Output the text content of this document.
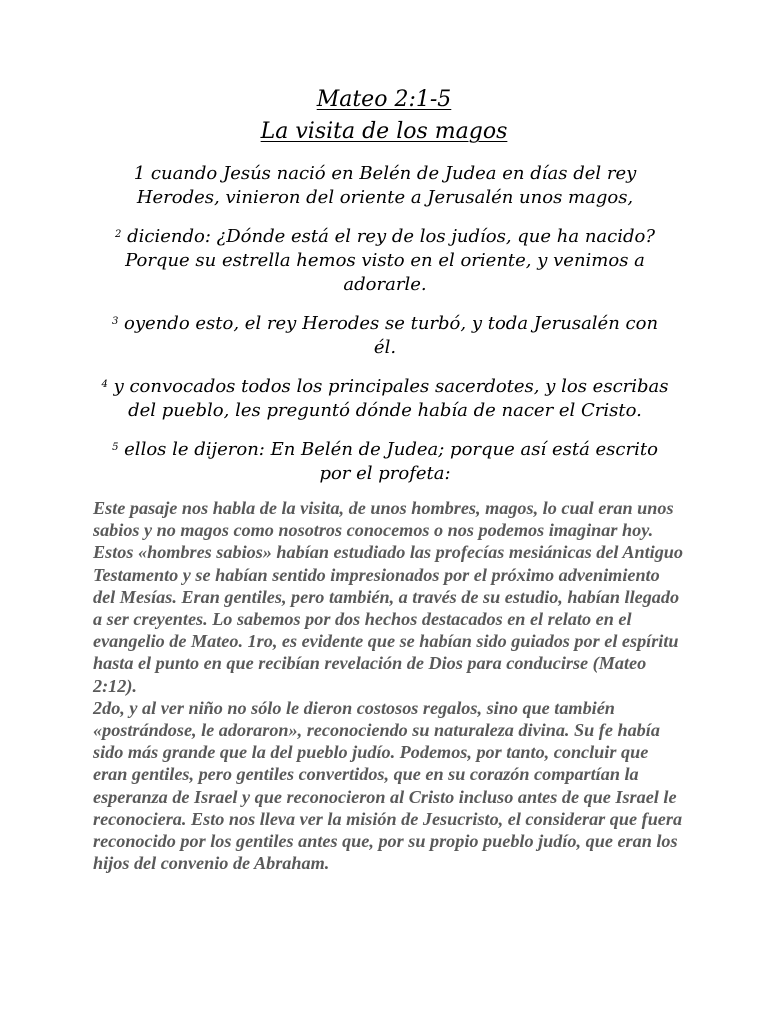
Mateo 2:1-5
La visita de los magos

1 cuando Jesús nació en Belén de Judea en días del rey Herodes, vinieron del oriente a Jerusalén unos magos,

$^2$ diciendo: ¿Dónde está el rey de los judíos, que ha nacido? Porque su estrella hemos visto en el oriente, y venimos a adorarle.

$^3$ oyendo esto, el rey Herodes se turbó, y toda Jerusalén con él.

$^4$ y convocados todos los principales sacerdotes, y los escribas del pueblo, les preguntó dónde había de nacer el Cristo.

$^5$ ellos le dijeron: En Belén de Judea; porque así está escrito por el profeta:

Este pasaje nos habla de la visita, de unos hombres, magos, lo cual eran unos sabios y no magos como nosotros conocemos o nos podemos imaginar hoy.

Estos «hombres sabios» habían estudiado las profecías mesiánicas del Antiguo Testamento y se habían sentido impresionados por el próximo advenimiento del Mesías. Eran gentiles, pero también, a través de su estudio, habían llegado a ser creyentes. Lo sabemos por dos hechos destacados en el relato en el evangelio de Mateo. 1ro, es evidente que se habían sido guiados por el espíritu hasta el punto en que recibían revelación de Dios para conducirse (Mateo 2:12).

2do, y al ver niño no sólo le dieron costosos regalos, sino que también «postrándose, le adoraron», reconociendo su naturaleza divina. Su fe había sido más grande que la del pueblo judío. Podemos, por tanto, concluir que eran gentiles, pero gentiles convertidos, que en su corazón compartían la esperanza de Israel y que reconocieron al Cristo incluso antes de que Israel le reconociera. Esto nos lleva ver la misión de Jesucristo, el considerar que fuera reconocido por los gentiles antes que, por su propio pueblo judío, que eran los hijos del convenio de Abraham.
